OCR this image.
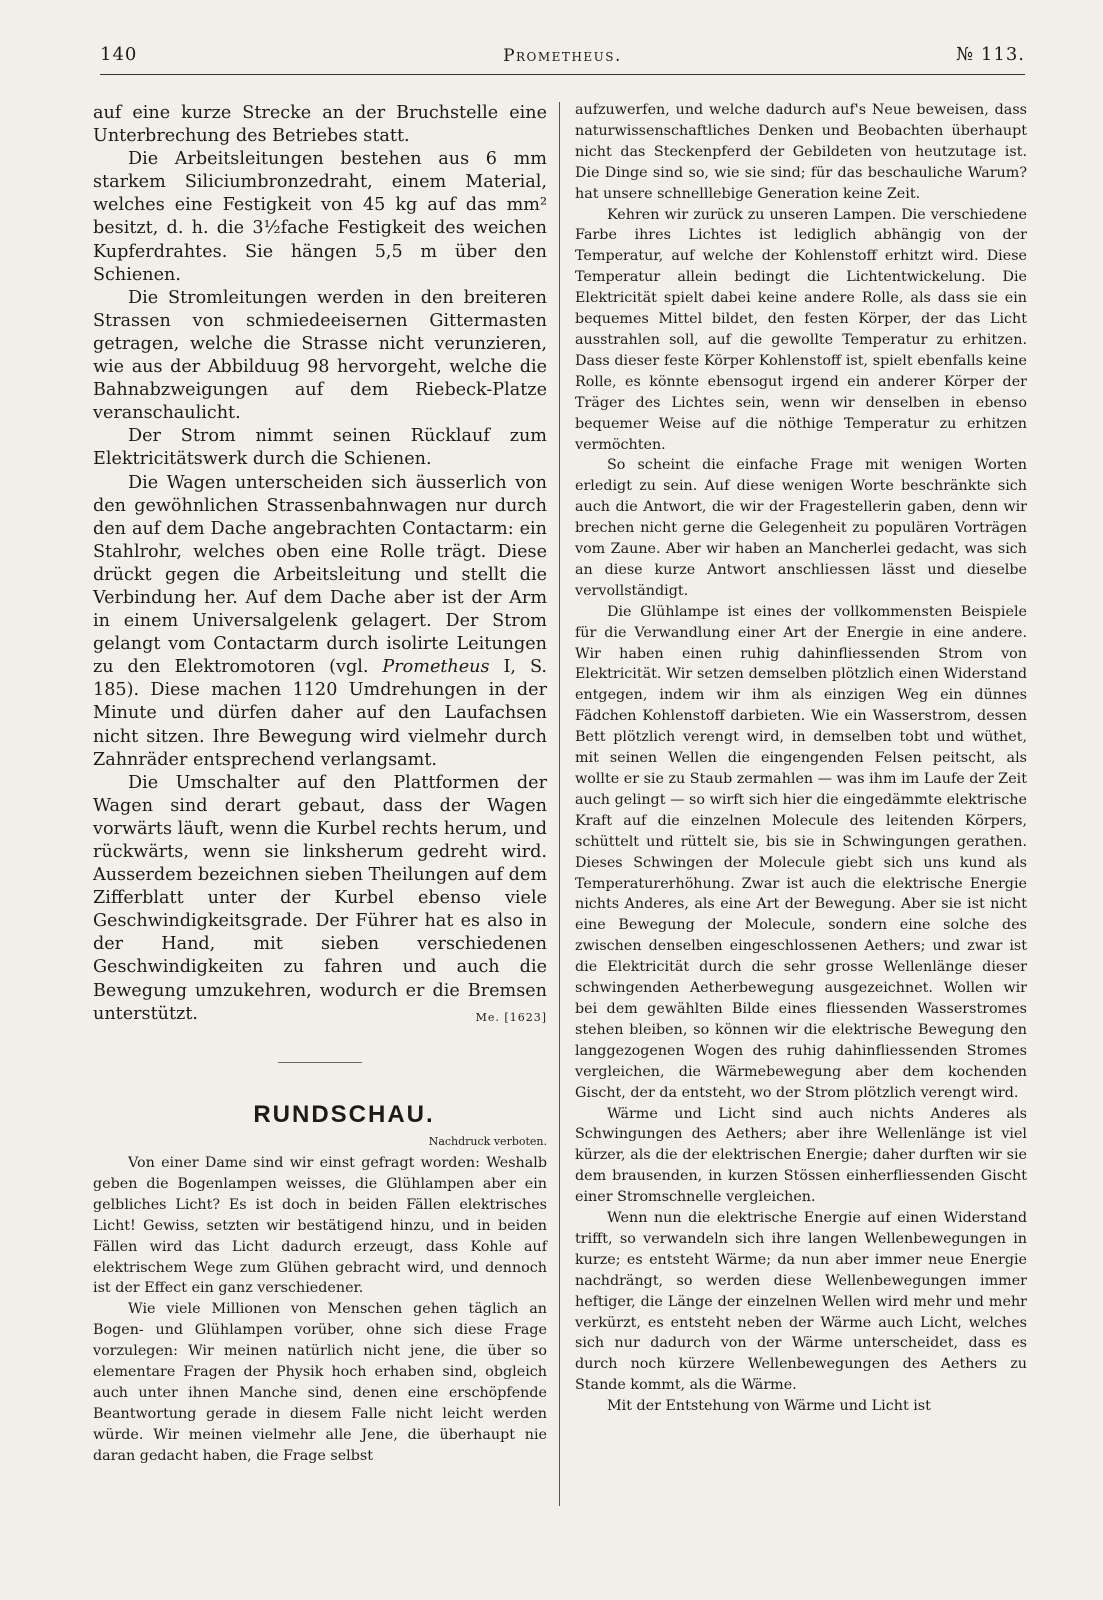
140	Prometheus.	№ 113.

auf eine kurze Strecke an der Bruchstelle eine Unterbrechung des Betriebes statt.

Die Arbeitsleitungen bestehen aus 6 mm starkem Siliciumbronzedraht, einem Material, welches eine Festigkeit von 45 kg auf das mm² besitzt, d. h. die 3½fache Festigkeit des weichen Kupferdrahtes. Sie hängen 5,5 m über den Schienen.

Die Stromleitungen werden in den breiteren Strassen von schmiedeeisernen Gittermasten getragen, welche die Strasse nicht verunzieren, wie aus der Abbilduug 98 hervorgeht, welche die Bahnabzweigungen auf dem Riebeck-Platze veranschaulicht.

Der Strom nimmt seinen Rücklauf zum Elektricitätswerk durch die Schienen.

Die Wagen unterscheiden sich äusserlich von den gewöhnlichen Strassenbahnwagen nur durch den auf dem Dache angebrachten Contactarm: ein Stahlrohr, welches oben eine Rolle trägt. Diese drückt gegen die Arbeitsleitung und stellt die Verbindung her. Auf dem Dache aber ist der Arm in einem Universalgelenk gelagert. Der Strom gelangt vom Contactarm durch isolirte Leitungen zu den Elektromotoren (vgl. Prometheus I, S. 185). Diese machen 1120 Umdrehungen in der Minute und dürfen daher auf den Laufachsen nicht sitzen. Ihre Bewegung wird vielmehr durch Zahnräder entsprechend verlangsamt.

Die Umschalter auf den Plattformen der Wagen sind derart gebaut, dass der Wagen vorwärts läuft, wenn die Kurbel rechts herum, und rückwärts, wenn sie linksherum gedreht wird. Ausserdem bezeichnen sieben Theilungen auf dem Zifferblatt unter der Kurbel ebenso viele Geschwindigkeitsgrade. Der Führer hat es also in der Hand, mit sieben verschiedenen Geschwindigkeiten zu fahren und auch die Bewegung umzukehren, wodurch er die Bremsen unterstützt.	Me. [1623]
RUNDSCHAU.
Nachdruck verboten.

Von einer Dame sind wir einst gefragt worden: Weshalb geben die Bogenlampen weisses, die Glühlampen aber ein gelbliches Licht? Es ist doch in beiden Fällen elektrisches Licht! Gewiss, setzten wir bestätigend hinzu, und in beiden Fällen wird das Licht dadurch erzeugt, dass Kohle auf elektrischem Wege zum Glühen gebracht wird, und dennoch ist der Effect ein ganz verschiedener.

Wie viele Millionen von Menschen gehen täglich an Bogen- und Glühlampen vorüber, ohne sich diese Frage vorzulegen: Wir meinen natürlich nicht jene, die über so elementare Fragen der Physik hoch erhaben sind, obgleich auch unter ihnen Manche sind, denen eine erschöpfende Beantwortung gerade in diesem Falle nicht leicht werden würde. Wir meinen vielmehr alle Jene, die überhaupt nie daran gedacht haben, die Frage selbst

aufzuwerfen, und welche dadurch auf's Neue beweisen, dass naturwissenschaftliches Denken und Beobachten überhaupt nicht das Steckenpferd der Gebildeten von heutzutage ist. Die Dinge sind so, wie sie sind; für das beschauliche Warum? hat unsere schnelllebige Generation keine Zeit.

Kehren wir zurück zu unseren Lampen. Die verschiedene Farbe ihres Lichtes ist lediglich abhängig von der Temperatur, auf welche der Kohlenstoff erhitzt wird. Diese Temperatur allein bedingt die Lichtentwickelung. Die Elektricität spielt dabei keine andere Rolle, als dass sie ein bequemes Mittel bildet, den festen Körper, der das Licht ausstrahlen soll, auf die gewollte Temperatur zu erhitzen. Dass dieser feste Körper Kohlenstoff ist, spielt ebenfalls keine Rolle, es könnte ebensogut irgend ein anderer Körper der Träger des Lichtes sein, wenn wir denselben in ebenso bequemer Weise auf die nöthige Temperatur zu erhitzen vermöchten.

So scheint die einfache Frage mit wenigen Worten erledigt zu sein. Auf diese wenigen Worte beschränkte sich auch die Antwort, die wir der Fragestellerin gaben, denn wir brechen nicht gerne die Gelegenheit zu populären Vorträgen vom Zaune. Aber wir haben an Mancherlei gedacht, was sich an diese kurze Antwort anschliessen lässt und dieselbe vervollständigt.

Die Glühlampe ist eines der vollkommensten Beispiele für die Verwandlung einer Art der Energie in eine andere. Wir haben einen ruhig dahinfliessenden Strom von Elektricität. Wir setzen demselben plötzlich einen Widerstand entgegen, indem wir ihm als einzigen Weg ein dünnes Fädchen Kohlenstoff darbieten. Wie ein Wasserstrom, dessen Bett plötzlich verengt wird, in demselben tobt und wüthet, mit seinen Wellen die eingengenden Felsen peitscht, als wollte er sie zu Staub zermahlen — was ihm im Laufe der Zeit auch gelingt — so wirft sich hier die eingedämmte elektrische Kraft auf die einzelnen Molecule des leitenden Körpers, schüttelt und rüttelt sie, bis sie in Schwingungen gerathen. Dieses Schwingen der Molecule giebt sich uns kund als Temperaturerhöhung. Zwar ist auch die elektrische Energie nichts Anderes, als eine Art der Bewegung. Aber sie ist nicht eine Bewegung der Molecule, sondern eine solche des zwischen denselben eingeschlossenen Aethers; und zwar ist die Elektricität durch die sehr grosse Wellenlänge dieser schwingenden Aetherbewegung ausgezeichnet. Wollen wir bei dem gewählten Bilde eines fliessenden Wasserstromes stehen bleiben, so können wir die elektrische Bewegung den langgezogenen Wogen des ruhig dahinfliessenden Stromes vergleichen, die Wärmebewegung aber dem kochenden Gischt, der da entsteht, wo der Strom plötzlich verengt wird.

Wärme und Licht sind auch nichts Anderes als Schwingungen des Aethers; aber ihre Wellenlänge ist viel kürzer, als die der elektrischen Energie; daher durften wir sie dem brausenden, in kurzen Stössen einherfliessenden Gischt einer Stromschnelle vergleichen.

Wenn nun die elektrische Energie auf einen Widerstand trifft, so verwandeln sich ihre langen Wellenbewegungen in kurze; es entsteht Wärme; da nun aber immer neue Energie nachdrängt, so werden diese Wellenbewegungen immer heftiger, die Länge der einzelnen Wellen wird mehr und mehr verkürzt, es entsteht neben der Wärme auch Licht, welches sich nur dadurch von der Wärme unterscheidet, dass es durch noch kürzere Wellenbewegungen des Aethers zu Stande kommt, als die Wärme.

Mit der Entstehung von Wärme und Licht ist
